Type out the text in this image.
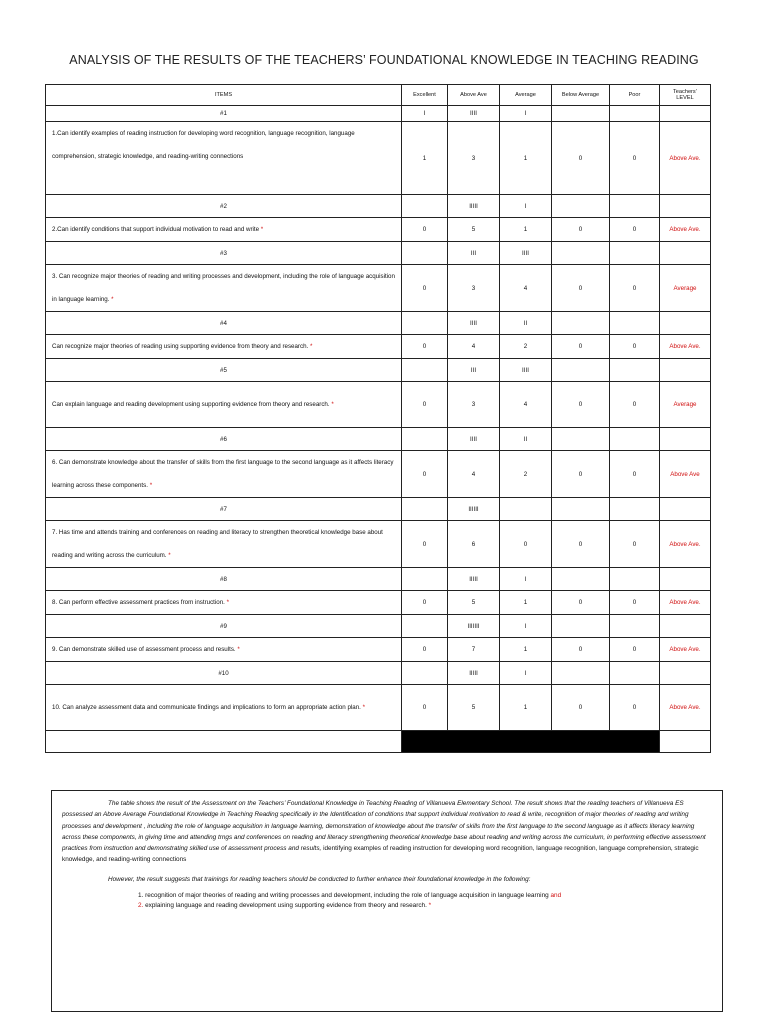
ANALYSIS OF THE RESULTS OF THE TEACHERS’ FOUNDATIONAL KNOWLEDGE IN TEACHING READING
ITEMS	Excellent	Above Ave	Average	Below Average	Poor	Teachers’ LEVEL
#1	I	IIII	I			
1.Can identify examples of reading instruction for developing word recognition, language recognition, language comprehension, strategic knowledge, and reading-writing connections	1	3	1	0	0	Above Ave.
#2		IIIII	I			
2.Can identify conditions that support individual motivation to read and write *	0	5	1	0	0	Above Ave.
#3		III	IIII			
3. Can recognize major theories of reading and writing processes and development, including the role of language acquisition in language learning. *	0	3	4	0	0	Average
#4		IIII	II			
Can recognize major theories of reading using supporting evidence from theory and research. *	0	4	2	0	0	Above Ave.
#5		III	IIII			
Can explain language and reading development using supporting evidence from theory and research. *	0	3	4	0	0	Average
#6		IIII	II			
6. Can demonstrate knowledge about the transfer of skills from the first language to the second language as it affects literacy learning across these components. *	0	4	2	0	0	Above Ave
#7		IIIIII				
7. Has time and attends training and conferences on reading and literacy to strengthen theoretical knowledge base about reading and writing across the curriculum. *	0	6	0	0	0	Above Ave.
#8		IIIII	I			
8. Can perform effective assessment practices from instruction. *	0	5	1	0	0	Above Ave.
#9		IIIIIII	I			
9. Can demonstrate skilled use of assessment process and results. *	0	7	1	0	0	Above Ave.
#10		IIIII	I			
10. Can analyze assessment data and communicate findings and implications to form an appropriate action plan. *	0	5	1	0	0	Above Ave.

The table shows the result of the Assessment on the Teachers’ Foundational Knowledge in Teaching Reading of Villanueva Elementary School. The result shows that the reading teachers of Villanueva ES possessed an Above Average Foundational Knowledge in Teaching Reading specifically in the Identification of conditions that support individual motivation to read & write, recognition of major theories of reading and writing processes and development , including the role of language acquisition in language learning, demonstration of knowledge about the transfer of skills from the first language to the second language as it affects literacy learning across these components, in giving time and attending trngs and conferences on reading and literacy strengthening theoretical knowledge base about reading and writing across the curriculum, in performing effective assessment practices from instruction and demonstrating skilled use of assessment process and results, identifying examples of reading instruction for developing word recognition, language recognition, language comprehension, strategic knowledge, and reading-writing connections

However, the result suggests that trainings for reading teachers should be conducted to further enhance their foundational knowledge in the following:

1. recognition of major theories of reading and writing processes and development, including the role of language acquisition in language learning and
2. explaining language and reading development using supporting evidence from theory and research. *
